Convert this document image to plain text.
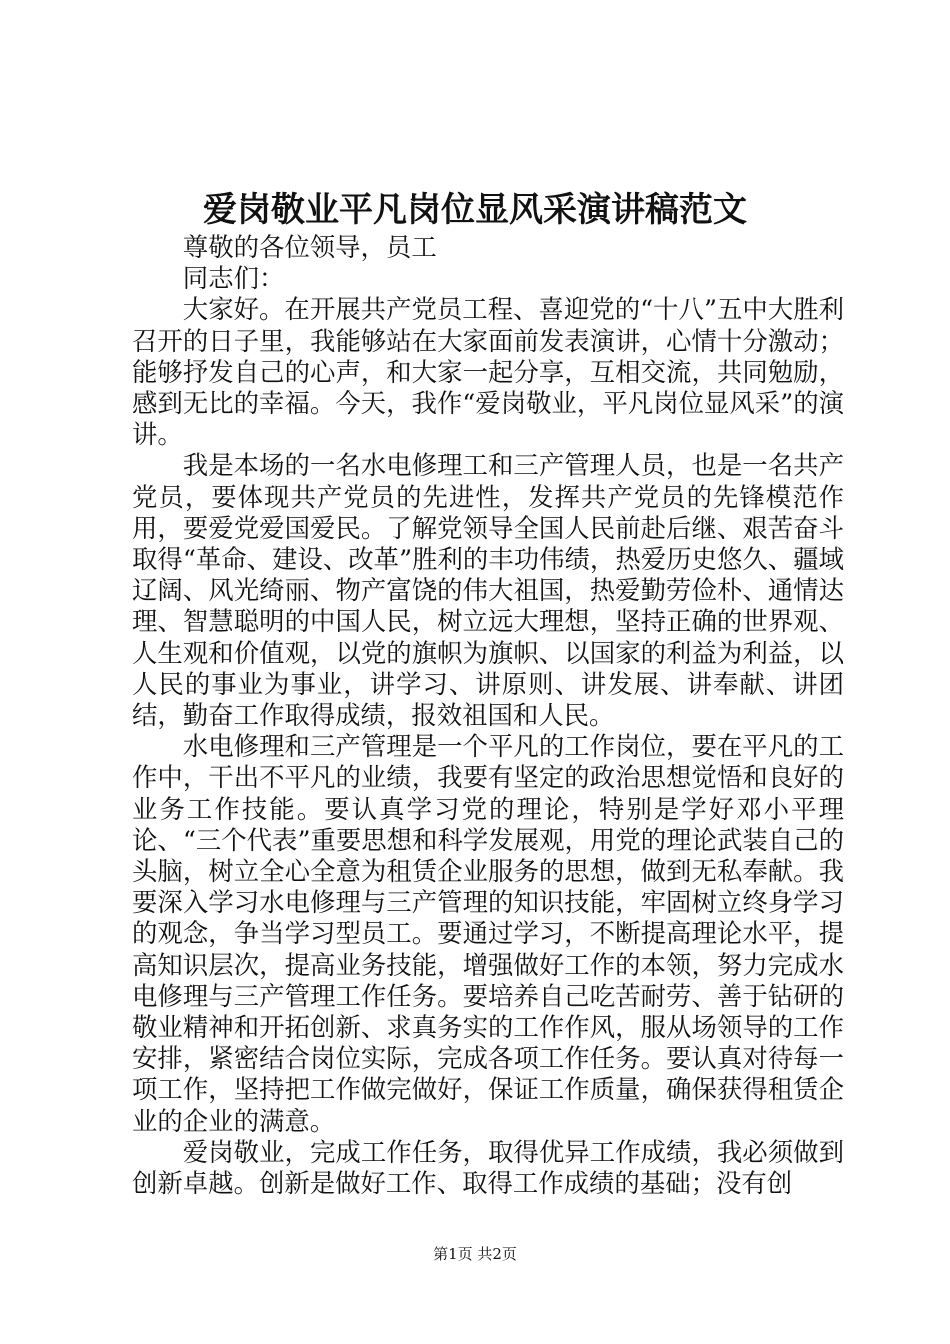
爱岗敬业平凡岗位显风采演讲稿范文

尊敬的各位领导，员工

同志们：

大家好。在开展共产党员工程、喜迎党的“十八”五中大胜利召开的日子里，我能够站在大家面前发表演讲，心情十分激动；能够抒发自己的心声，和大家一起分享，互相交流，共同勉励，感到无比的幸福。今天，我作“爱岗敬业，平凡岗位显风采”的演讲。

我是本场的一名水电修理工和三产管理人员，也是一名共产党员，要体现共产党员的先进性，发挥共产党员的先锋模范作用，要爱党爱国爱民。了解党领导全国人民前赴后继、艰苦奋斗取得“革命、建设、改革”胜利的丰功伟绩，热爱历史悠久、疆域辽阔、风光绮丽、物产富饶的伟大祖国，热爱勤劳俭朴、通情达理、智慧聪明的中国人民，树立远大理想，坚持正确的世界观、人生观和价值观，以党的旗帜为旗帜、以国家的利益为利益，以人民的事业为事业，讲学习、讲原则、讲发展、讲奉献、讲团结，勤奋工作取得成绩，报效祖国和人民。

水电修理和三产管理是一个平凡的工作岗位，要在平凡的工作中，干出不平凡的业绩，我要有坚定的政治思想觉悟和良好的业务工作技能。要认真学习党的理论，特别是学好邓小平理论、“三个代表”重要思想和科学发展观，用党的理论武装自己的头脑，树立全心全意为租赁企业服务的思想，做到无私奉献。我要深入学习水电修理与三产管理的知识技能，牢固树立终身学习的观念，争当学习型员工。要通过学习，不断提高理论水平，提高知识层次，提高业务技能，增强做好工作的本领，努力完成水电修理与三产管理工作任务。要培养自己吃苦耐劳、善于钻研的敬业精神和开拓创新、求真务实的工作作风，服从场领导的工作安排，紧密结合岗位实际，完成各项工作任务。要认真对待每一项工作，坚持把工作做完做好，保证工作质量，确保获得租赁企业的企业的满意。

爱岗敬业，完成工作任务，取得优异工作成绩，我必须做到创新卓越。创新是做好工作、取得工作成绩的基础；没有创

第1页 共2页
